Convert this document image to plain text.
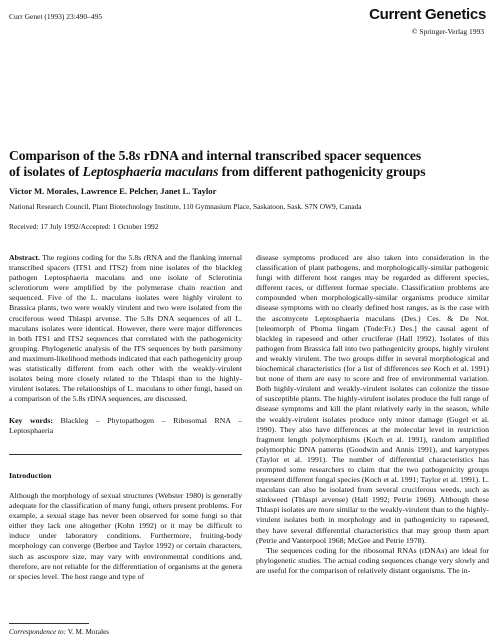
Curr Genet (1993) 23:490–495	Current Genetics
© Springer-Verlag 1993
Comparison of the 5.8s rDNA and internal transcribed spacer sequences
of isolates of Leptosphaeria maculans from different pathogenicity groups
Victor M. Morales, Lawrence E. Pelcher, Janet L. Taylor
National Research Council, Plant Biotechnology Institute, 110 Gymnasium Place, Saskatoon, Sask. S7N OW9, Canada
Received: 17 July 1992/Accepted: 1 October 1992

Abstract. The regions coding for the 5.8s rRNA and the flanking internal transcribed spacers (ITS1 and ITS2) from nine isolates of the blackleg pathogen Leptosphaeria maculans and one isolate of Sclerotinia sclerotiorum were amplified by the polymerase chain reaction and sequenced. Five of the L. maculans isolates were highly virulent to Brassica plants, two were weakly virulent and two were isolated from the cruciferous weed Thlaspi arvense. The 5.8s DNA sequences of all L. maculans isolates were identical. However, there were major differences in both ITS1 and ITS2 sequences that correlated with the pathogenicity grouping. Phylogenetic analysis of the ITS sequences by both parsimony and maximum-likelihood methods indicated that each pathogenicity group was statistically different from each other with the weakly-virulent isolates being more closely related to the Thlaspi than to the highly-virulent isolates. The relationships of L. maculans to other fungi, based on a comparison of the 5.8s rDNA sequences, are discussed.

Key words: Blackleg – Phytopathogen – Ribosomal RNA – Leptosphaeria

Introduction

Although the morphology of sexual structures (Webster 1980) is generally adequate for the classification of many fungi, others present problems. For example, a sexual stage has never been observed for some fungi so that either they lack one altogether (Kohn 1992) or it may be difficult to induce under laboratory conditions. Furthermore, fruiting-body morphology can converge (Berbee and Taylor 1992) or certain characters, such as ascospore size, may vary with environmental conditions and, therefore, are not reliable for the differentiation of organisms at the genera or species level. The host range and type of

Correspondence to: V. M. Morales

disease symptoms produced are also taken into consideration in the classification of plant pathogens, and morphologically-similar pathogenic fungi with different host ranges may be regarded as different species, different races, or different formae speciale. Classification problems are compounded when morphologically-similar organisms produce similar disease symptoms with no clearly defined host ranges, as is the case with the ascomycete Leptosphaeria maculans (Des.) Ces. & De Not. [teleomorph of Phoma lingam (Tode:Fr.) Des.] the causal agent of blackleg in rapeseed and other cruciferae (Hall 1992). Isolates of this pathogen from Brassica fall into two pathogenicity groups, highly virulent and weakly virulent. The two groups differ in several morphological and biochemical characteristics (for a list of differences see Koch et al. 1991) but none of them are easy to score and free of environmental variation. Both highly-virulent and weakly-virulent isolates can colonize the tissue of susceptible plants. The highly-virulent isolates produce the full range of disease symptoms and kill the plant relatively early in the season, while the weakly-virulent isolates produce only minor damage (Gugel et al. 1990). They also have differences at the molecular level in restriction fragment length polymorphisms (Koch et al. 1991), random amplified polymorphic DNA patterns (Goodwin and Annis 1991), and karyotypes (Taylor et al. 1991). The number of differential characteristics has prompted some researchers to claim that the two pathogenicity groups represent different fungal species (Koch et al. 1991; Taylor et al. 1991). L. maculans can also be isolated from several cruciferous weeds, such as stinkweed (Thlaspi arvense) (Hall 1992; Petrie 1969). Although these Thlaspi isolates are more similar to the weakly-virulent than to the highly-virulent isolates both in morphology and in pathogenicity to rapeseed, they have several differential characteristics that may group them apart (Petrie and Vanterpool 1968; McGee and Petrie 1978).

The sequences coding for the ribosomal RNAs (rDNAs) are ideal for phylogenetic studies. The actual coding sequences change very slowly and are useful for the comparison of relatively distant organisms. The in-
